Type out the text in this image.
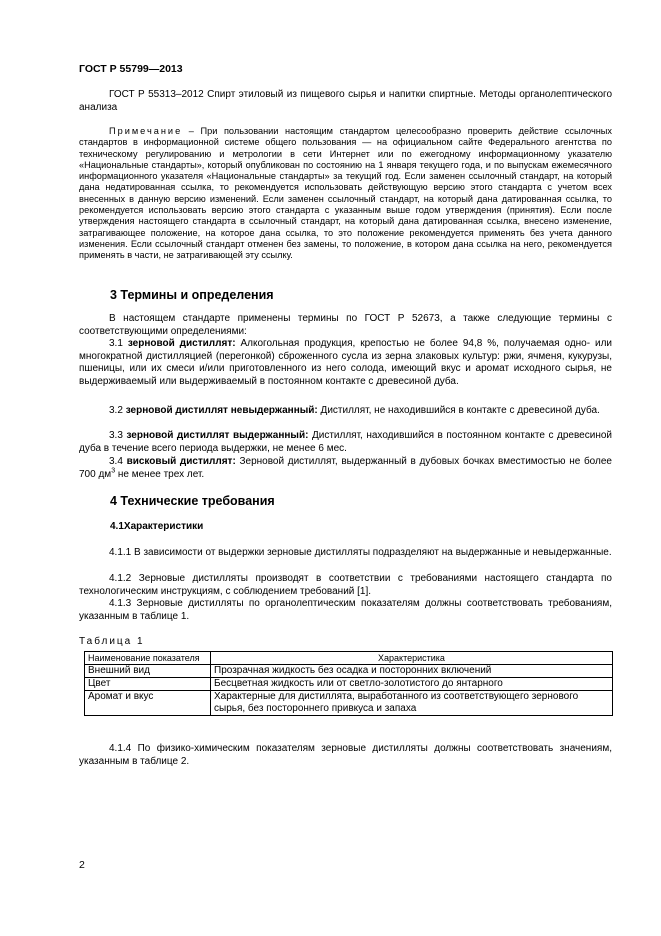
ГОСТ Р 55799—2013
ГОСТ Р 55313–2012 Спирт этиловый из пищевого сырья и напитки спиртные. Методы органолептического анализа
Примечание – При пользовании настоящим стандартом целесообразно проверить действие ссылочных стандартов в информационной системе общего пользования — на официальном сайте Федерального агентства по техническому регулированию и метрологии в сети Интернет или по ежегодному информационному указателю «Национальные стандарты», который опубликован по состоянию на 1 января текущего года, и по выпускам ежемесячного информационного указателя «Национальные стандарты» за текущий год. Если заменен ссылочный стандарт, на который дана недатированная ссылка, то рекомендуется использовать действующую версию этого стандарта с учетом всех внесенных в данную версию изменений. Если заменен ссылочный стандарт, на который дана датированная ссылка, то рекомендуется использовать версию этого стандарта с указанным выше годом утверждения (принятия). Если после утверждения настоящего стандарта в ссылочный стандарт, на который дана датированная ссылка, внесено изменение, затрагивающее положение, на которое дана ссылка, то это положение рекомендуется применять без учета данного изменения. Если ссылочный стандарт отменен без замены, то положение, в котором дана ссылка на него, рекомендуется применять в части, не затрагивающей эту ссылку.
3 Термины и определения
В настоящем стандарте применены термины по ГОСТ Р 52673, а также следующие термины с соответствующими определениями:
3.1 зерновой дистиллят: Алкогольная продукция, крепостью не более 94,8 %, получаемая одно- или многократной дистилляцией (перегонкой) сброженного сусла из зерна злаковых культур: ржи, ячменя, кукурузы, пшеницы, или их смеси и/или приготовленного из него солода, имеющий вкус и аромат исходного сырья, не выдерживаемый или выдерживаемый в постоянном контакте с древесиной дуба.
3.2 зерновой дистиллят невыдержанный: Дистиллят, не находившийся в контакте с древесиной дуба.
3.3 зерновой дистиллят выдержанный: Дистиллят, находившийся в постоянном контакте с древесиной дуба в течение всего периода выдержки, не менее 6 мес.
3.4 висковый дистиллят: Зерновой дистиллят, выдержанный в дубовых бочках вместимостью не более 700 $дм^3$ не менее трех лет.
4 Технические требования
4.1Характеристики
4.1.1 В зависимости от выдержки зерновые дистилляты подразделяют на выдержанные и невыдержанные.
4.1.2 Зерновые дистилляты производят в соответствии с требованиями настоящего стандарта по технологическим инструкциям, с соблюдением требований [1].
4.1.3 Зерновые дистилляты по органолептическим показателям должны соответствовать требованиям, указанным в таблице 1.
Таблица 1
Наименование показателя	Характеристика
Внешний вид	Прозрачная жидкость без осадка и посторонних включений
Цвет	Бесцветная жидкость или от светло-золотистого до янтарного
Аромат и вкус	Характерные для дистиллята, выработанного из соответствующего зернового сырья, без постороннего привкуса и запаха
4.1.4 По физико-химическим показателям зерновые дистилляты должны соответствовать значениям, указанным в таблице 2.
2
